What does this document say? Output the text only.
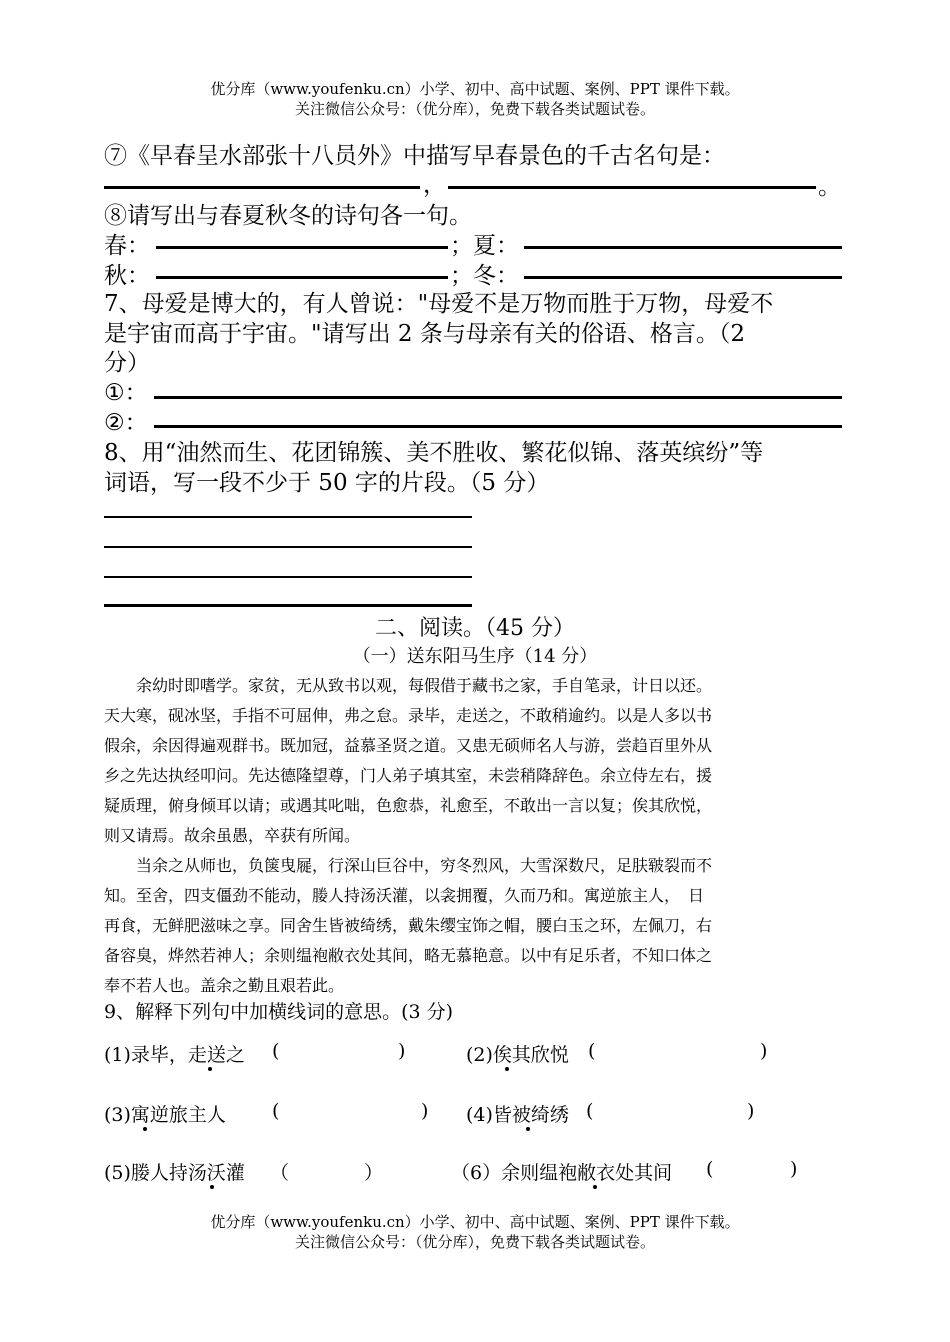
优分库（www.youfenku.cn）小学、初中、高中试题、案例、PPT 课件下载。
关注微信公众号：（优分库），免费下载各类试题试卷。
⑦《早春呈水部张十八员外》中描写早春景色的千古名句是：
，	。
⑧请写出与春夏秋冬的诗句各一句。
春：	；夏：
秋：	；冬：
7、母爱是博大的，有人曾说："母爱不是万物而胜于万物，母爱不
是宇宙而高于宇宙。"请写出 2 条与母亲有关的俗语、格言。（2
分）
①：
②：
8、用“油然而生、花团锦簇、美不胜收、繁花似锦、落英缤纷”等
词语，写一段不少于 50 字的片段。（5 分）
二、阅读。（45 分）
（一）送东阳马生序（14 分）
余幼时即嗜学。家贫，无从致书以观，每假借于藏书之家，手自笔录，计日以还。
天大寒，砚冰坚，手指不可屈伸，弗之怠。录毕，走送之，不敢稍逾约。以是人多以书
假余，余因得遍观群书。既加冠，益慕圣贤之道。又患无硕师名人与游，尝趋百里外从
乡之先达执经叩问。先达德隆望尊，门人弟子填其室，未尝稍降辞色。余立侍左右，援
疑质理，俯身倾耳以请；或遇其叱咄，色愈恭，礼愈至，不敢出一言以复；俟其欣悦，
则又请焉。故余虽愚，卒获有所闻。
当余之从师也，负箧曳屣，行深山巨谷中，穷冬烈风，大雪深数尺，足肤皲裂而不
知。至舍，四支僵劲不能动，媵人持汤沃灌，以衾拥覆，久而乃和。寓逆旅主人，　日
再食，无鲜肥滋味之享。同舍生皆被绮绣，戴朱缨宝饰之帽，腰白玉之环，左佩刀，右
备容臭，烨然若神人；余则缊袍敝衣处其间，略无慕艳意。以中有足乐者，不知口体之
奉不若人也。盖余之勤且艰若此。
9、解释下列句中加横线词的意思。(3 分)
(1)录毕，走送之 (	)	(2)俟其欣悦 (	)
(3)寓逆旅主人 (	) (4)皆被绮绣 (	)
(5)媵人持汤沃灌 （	）	（6）余则缊袍敝衣处其间 (	)
优分库（www.youfenku.cn）小学、初中、高中试题、案例、PPT 课件下载。
关注微信公众号：（优分库），免费下载各类试题试卷。
